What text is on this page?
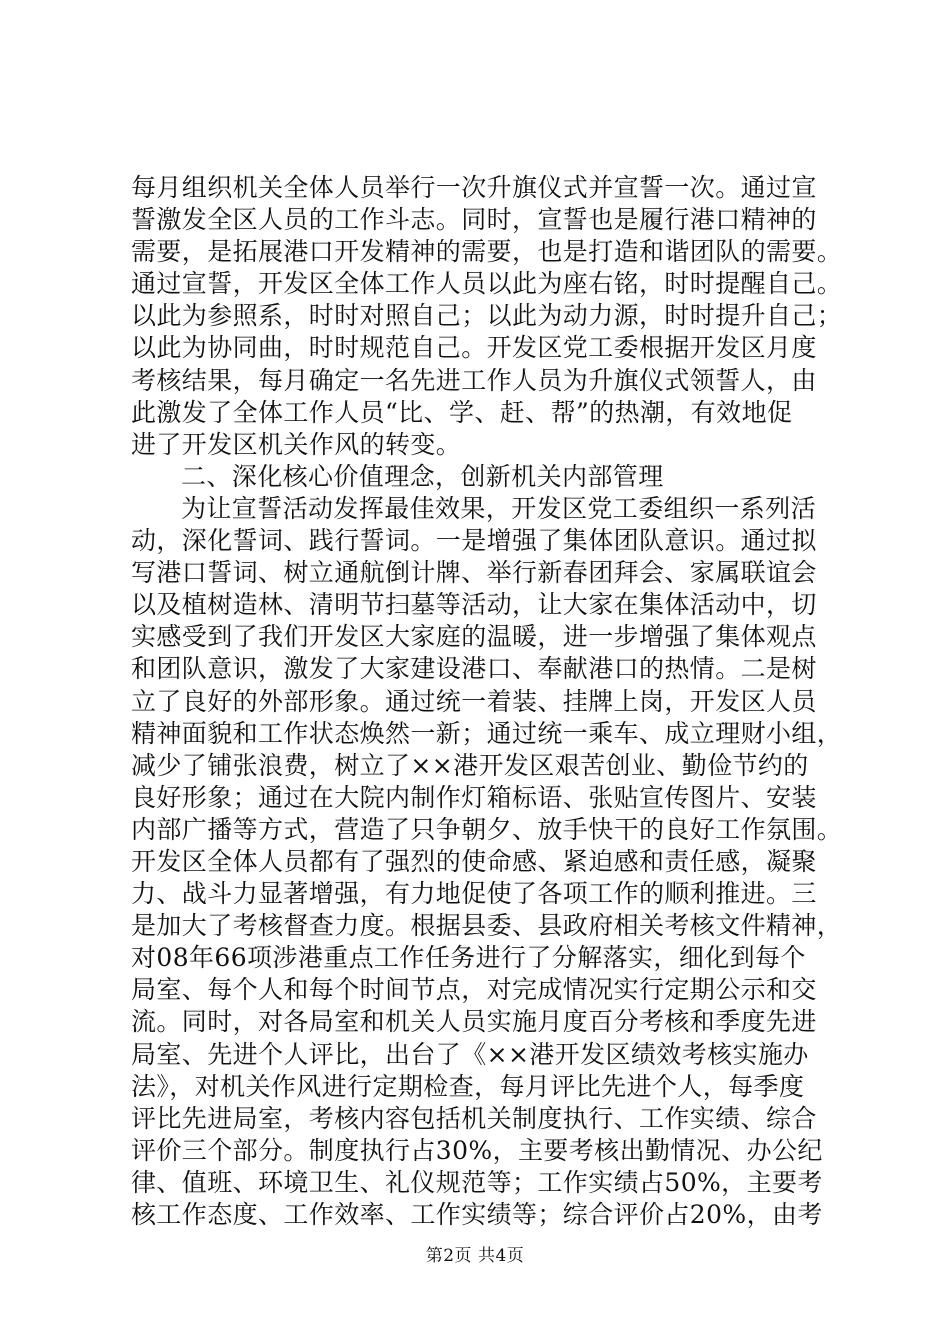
每月组织机关全体人员举行一次升旗仪式并宣誓一次。通过宣
誓激发全区人员的工作斗志。同时，宣誓也是履行港口精神的
需要，是拓展港口开发精神的需要，也是打造和谐团队的需要。
通过宣誓，开发区全体工作人员以此为座右铭，时时提醒自己。
以此为参照系，时时对照自己；以此为动力源，时时提升自己；
以此为协同曲，时时规范自己。开发区党工委根据开发区月度
考核结果，每月确定一名先进工作人员为升旗仪式领誓人，由
此激发了全体工作人员“比、学、赶、帮”的热潮，有效地促
进了开发区机关作风的转变。
二、深化核心价值理念，创新机关内部管理
为让宣誓活动发挥最佳效果，开发区党工委组织一系列活
动，深化誓词、践行誓词。一是增强了集体团队意识。通过拟
写港口誓词、树立通航倒计牌、举行新春团拜会、家属联谊会
以及植树造林、清明节扫墓等活动，让大家在集体活动中，切
实感受到了我们开发区大家庭的温暖，进一步增强了集体观点
和团队意识，激发了大家建设港口、奉献港口的热情。二是树
立了良好的外部形象。通过统一着装、挂牌上岗，开发区人员
精神面貌和工作状态焕然一新；通过统一乘车、成立理财小组，
减少了铺张浪费，树立了××港开发区艰苦创业、勤俭节约的
良好形象；通过在大院内制作灯箱标语、张贴宣传图片、安装
内部广播等方式，营造了只争朝夕、放手快干的良好工作氛围。
开发区全体人员都有了强烈的使命感、紧迫感和责任感，凝聚
力、战斗力显著增强，有力地促使了各项工作的顺利推进。三
是加大了考核督查力度。根据县委、县政府相关考核文件精神，
对08年66项涉港重点工作任务进行了分解落实，细化到每个
局室、每个人和每个时间节点，对完成情况实行定期公示和交
流。同时，对各局室和机关人员实施月度百分考核和季度先进
局室、先进个人评比，出台了《××港开发区绩效考核实施办
法》，对机关作风进行定期检查，每月评比先进个人，每季度
评比先进局室，考核内容包括机关制度执行、工作实绩、综合
评价三个部分。制度执行占30%，主要考核出勤情况、办公纪
律、值班、环境卫生、礼仪规范等；工作实绩占50%，主要考
核工作态度、工作效率、工作实绩等；综合评价占20%，由考
第2页 共4页
